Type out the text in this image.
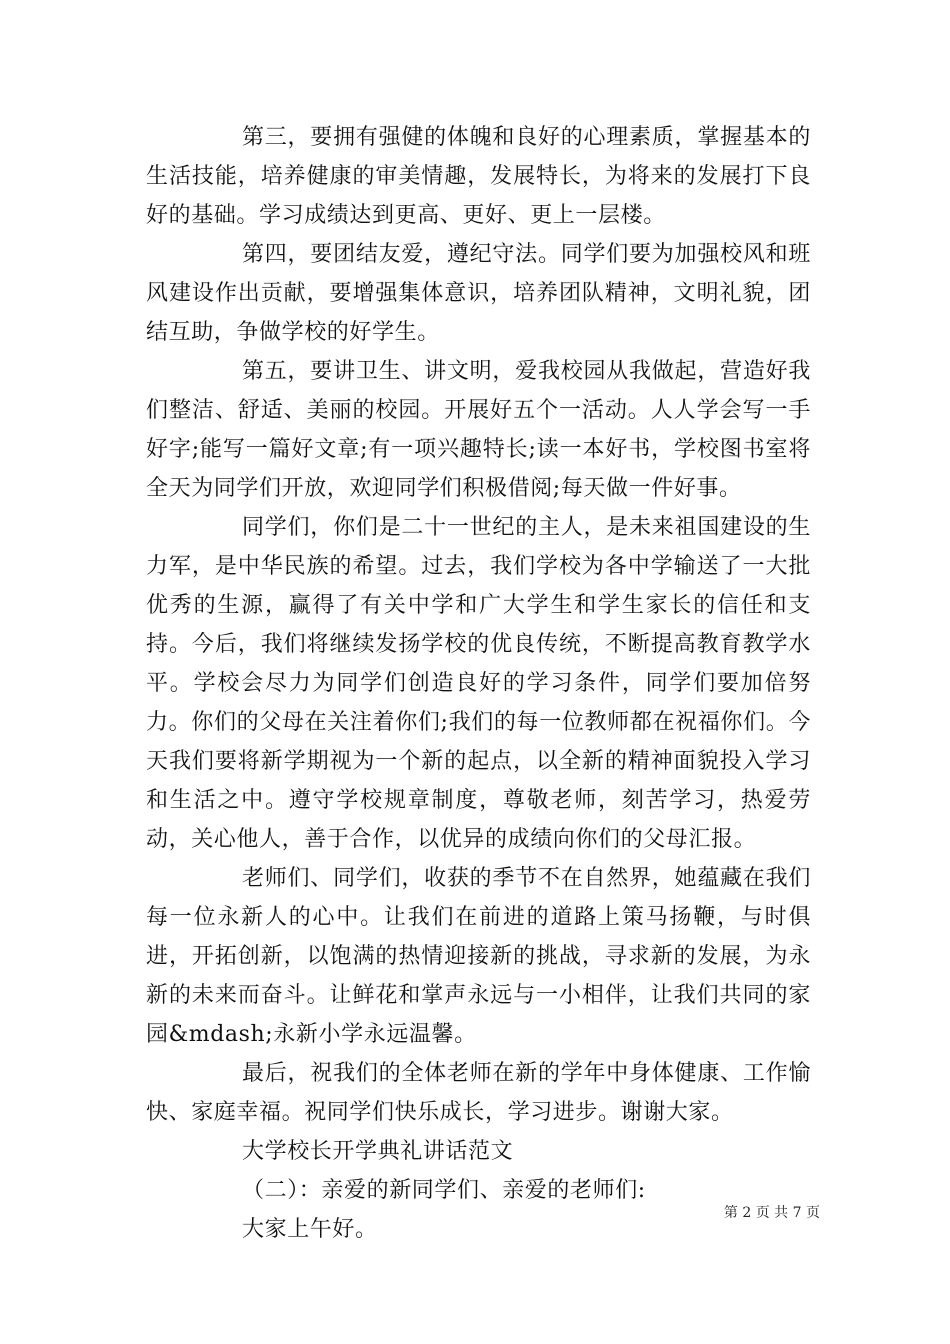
第三，要拥有强健的体魄和良好的心理素质，掌握基本的生活技能，培养健康的审美情趣，发展特长，为将来的发展打下良好的基础。学习成绩达到更高、更好、更上一层楼。

第四，要团结友爱，遵纪守法。同学们要为加强校风和班风建设作出贡献，要增强集体意识，培养团队精神，文明礼貌，团结互助，争做学校的好学生。

第五，要讲卫生、讲文明，爱我校园从我做起，营造好我们整洁、舒适、美丽的校园。开展好五个一活动。人人学会写一手好字;能写一篇好文章;有一项兴趣特长;读一本好书，学校图书室将全天为同学们开放，欢迎同学们积极借阅;每天做一件好事。

同学们，你们是二十一世纪的主人，是未来祖国建设的生力军，是中华民族的希望。过去，我们学校为各中学输送了一大批优秀的生源，赢得了有关中学和广大学生和学生家长的信任和支持。今后，我们将继续发扬学校的优良传统，不断提高教育教学水平。学校会尽力为同学们创造良好的学习条件，同学们要加倍努力。你们的父母在关注着你们;我们的每一位教师都在祝福你们。今天我们要将新学期视为一个新的起点，以全新的精神面貌投入学习和生活之中。遵守学校规章制度，尊敬老师，刻苦学习，热爱劳动，关心他人，善于合作，以优异的成绩向你们的父母汇报。

老师们、同学们，收获的季节不在自然界，她蕴藏在我们每一位永新人的心中。让我们在前进的道路上策马扬鞭，与时俱进，开拓创新，以饱满的热情迎接新的挑战，寻求新的发展，为永新的未来而奋斗。让鲜花和掌声永远与一小相伴，让我们共同的家园&mdash;永新小学永远温馨。

最后，祝我们的全体老师在新的学年中身体健康、工作愉快、家庭幸福。祝同学们快乐成长，学习进步。谢谢大家。

大学校长开学典礼讲话范文

（二）：亲爱的新同学们、亲爱的老师们:

大家上午好。

第 2 页 共 7 页
